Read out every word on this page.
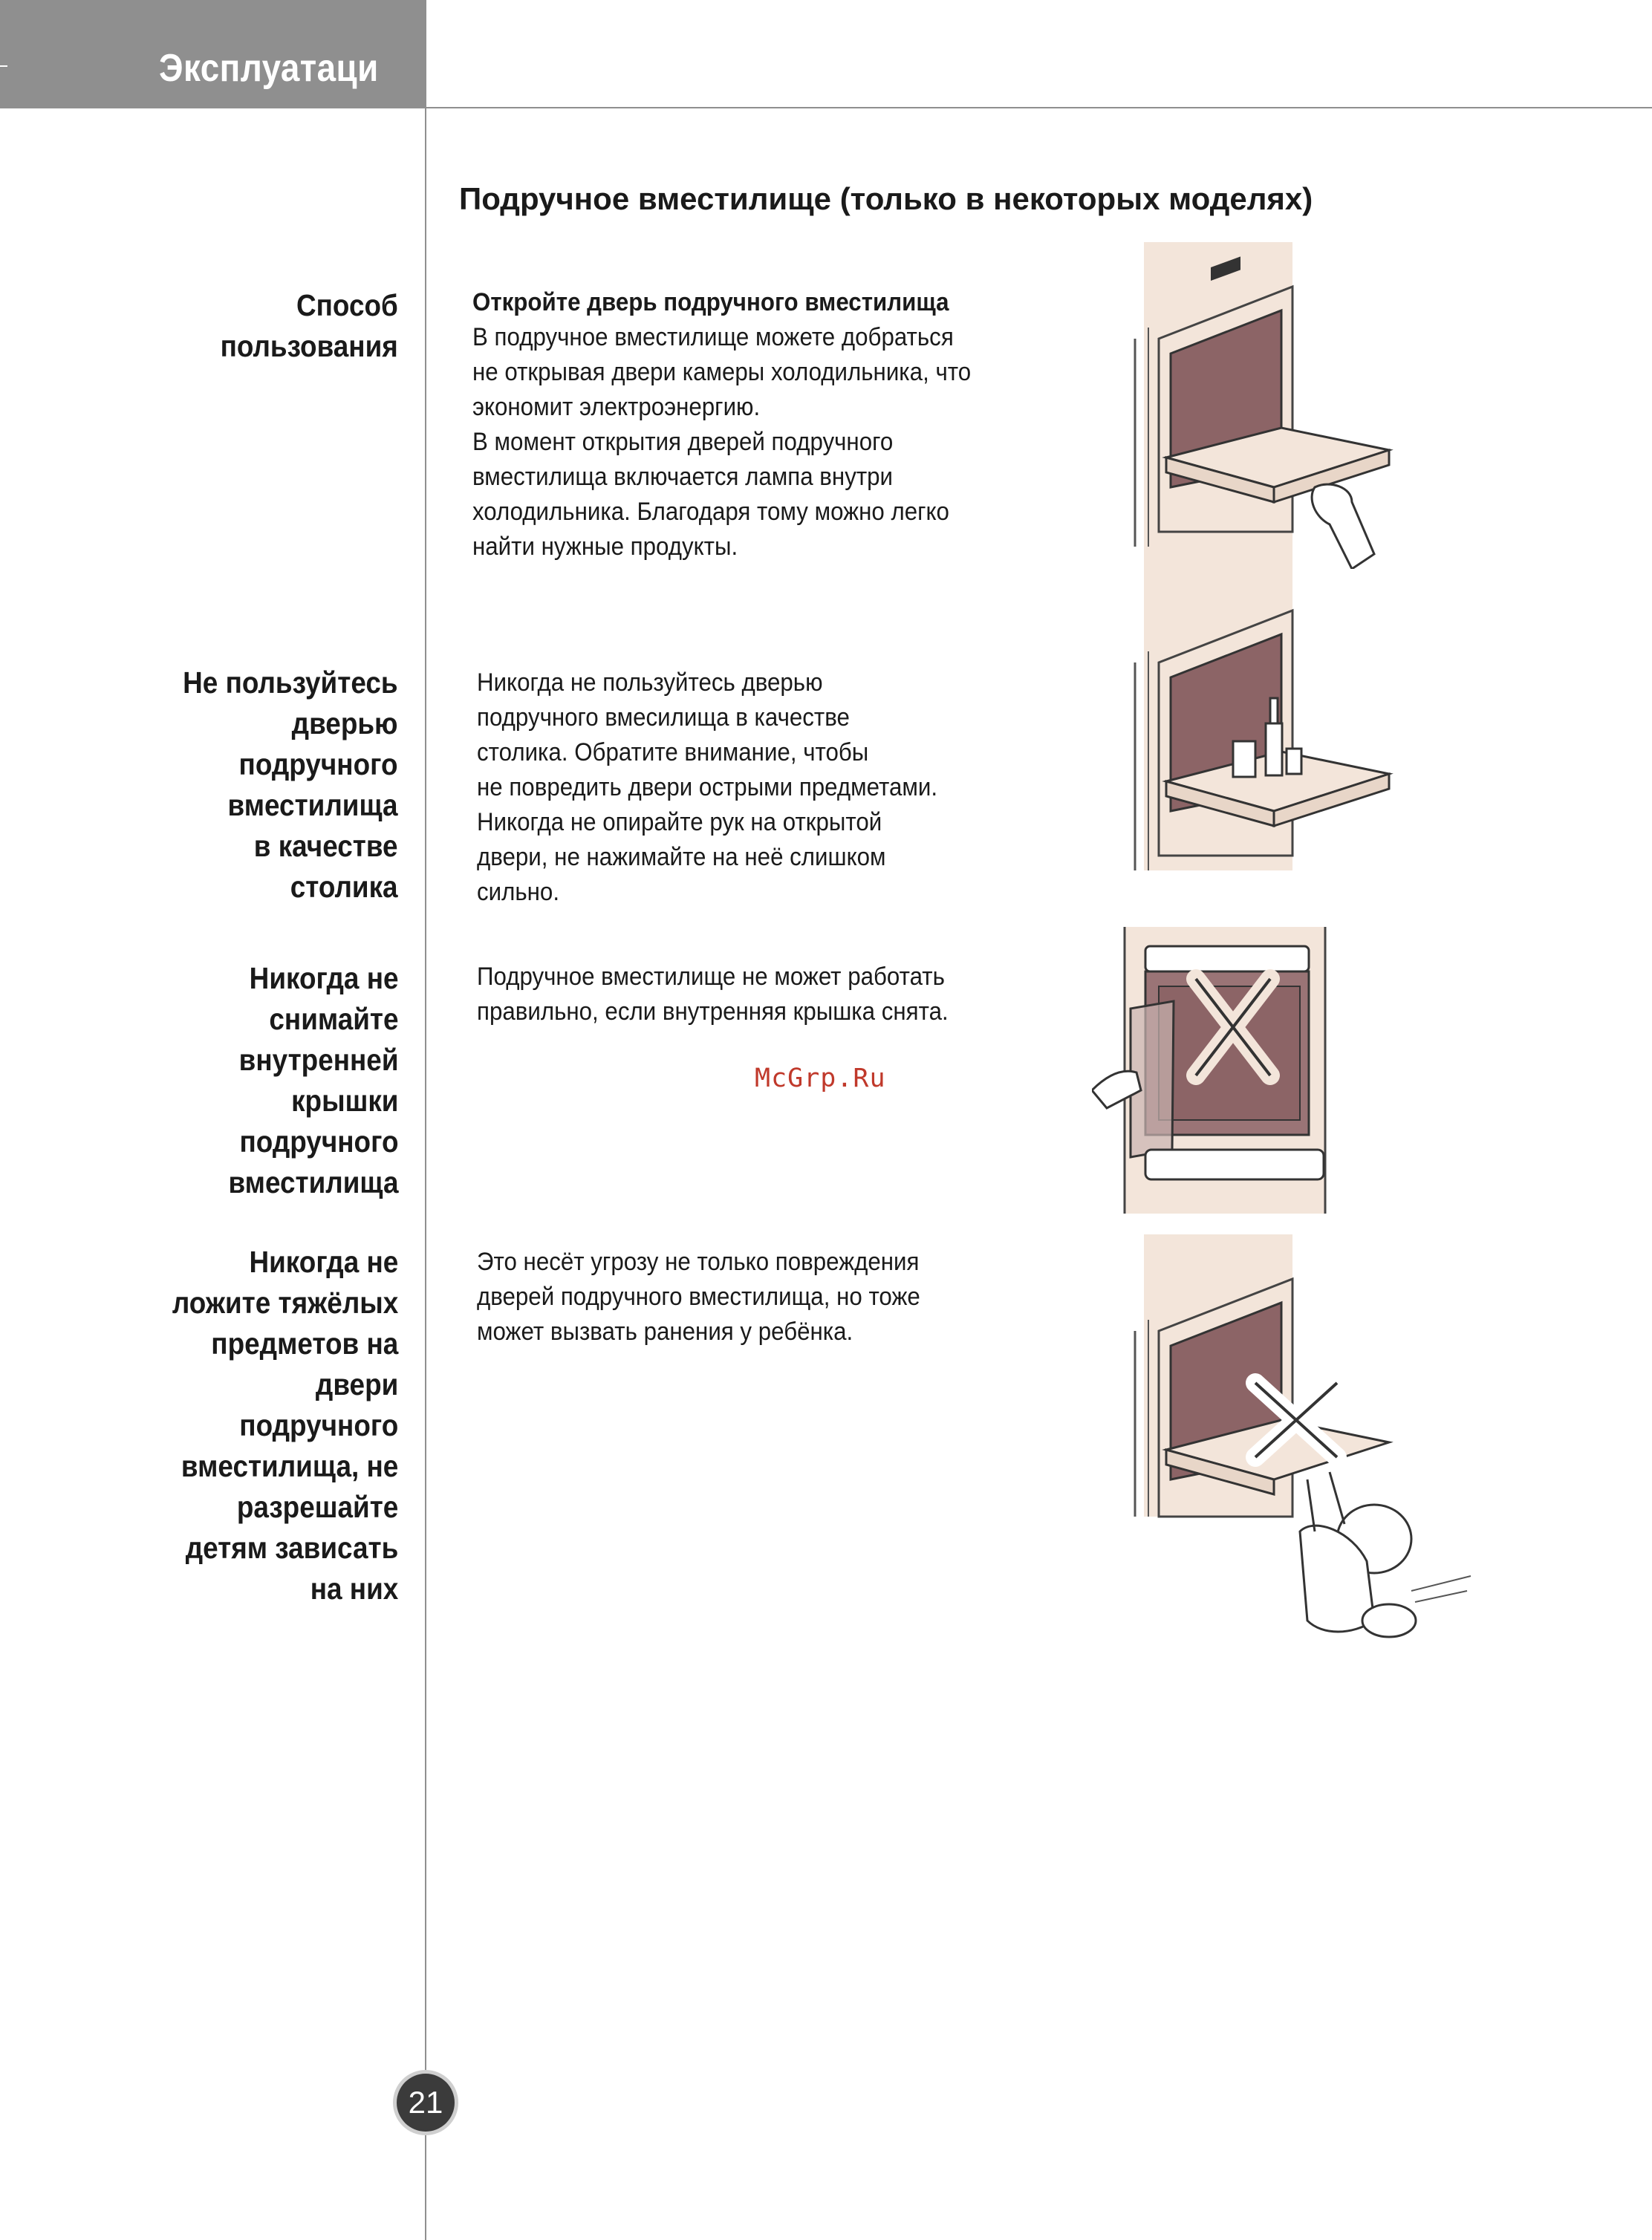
Эксплуатаци
Подручное вместилище (только в некоторых моделях)
Способ
пользования
Откройте дверь подручного вместилища
В подручное вместилище можете добраться
не открывая двери камеры холодильника, что
экономит электроэнергию.
В момент открытия дверей подручного
вместилища включается лампа внутри
холодильника. Благодаря тому можно легко
найти нужные продукты.
Не пользуйтесь
дверью
подручного
вместилища
в качестве
столика
Никогда не пользуйтесь дверью
подручного вмесилища в качестве
столика. Обратите внимание, чтобы
не повредить двери острыми предметами.
Никогда не опирайте рук на открытой
двери, не нажимайте на неё слишком
сильно.
Никогда не
снимайте
внутренней
крышки
подручного
вместилища
Подручное вместилище не может работать
правильно, если внутренняя крышка снята.
Никогда не
ложите тяжёлых
предметов на
двери
подручного
вместилища, не
разрешайте
детям зависать
на них
Это несёт угрозу не только повреждения
дверей подручного вместилища, но тоже
может вызвать ранения у ребёнка.
McGrp.Ru
21
